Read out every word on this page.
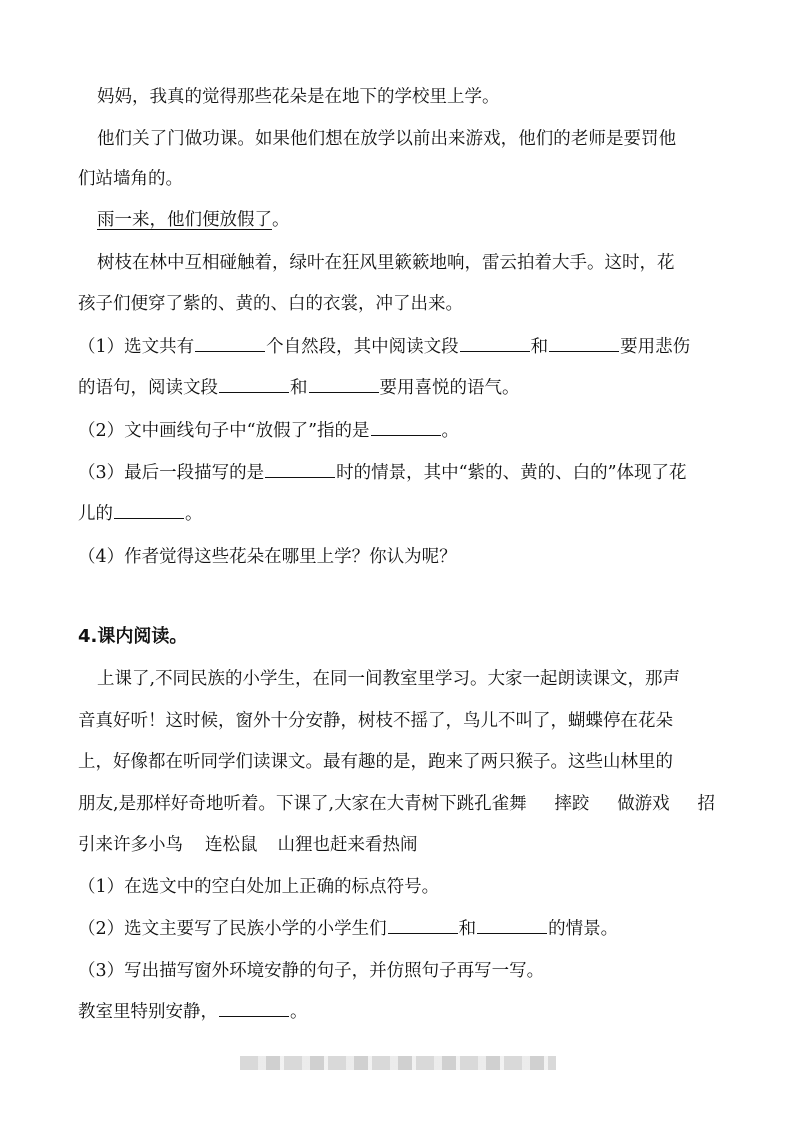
妈妈，我真的觉得那些花朵是在地下的学校里上学。
他们关了门做功课。如果他们想在放学以前出来游戏，他们的老师是要罚他
们站墙角的。
雨一来，他们便放假了。
树枝在林中互相碰触着，绿叶在狂风里簌簌地响，雷云拍着大手。这时，花
孩子们便穿了紫的、黄的、白的衣裳，冲了出来。
（1）选文共有	个自然段，其中阅读文段	和	要用悲伤
的语句，阅读文段	和	要用喜悦的语气。
（2）文中画线句子中“放假了”指的是	。
（3）最后一段描写的是	时的情景，其中“紫的、黄的、白的”体现了花
儿的	。
（4）作者觉得这些花朵在哪里上学？你认为呢？
4.课内阅读。
上课了,不同民族的小学生，在同一间教室里学习。大家一起朗读课文，那声
音真好听！这时候，窗外十分安静，树枝不摇了，鸟儿不叫了，蝴蝶停在花朵
上，好像都在听同学们读课文。最有趣的是，跑来了两只猴子。这些山林里的
朋友,是那样好奇地听着。下课了,大家在大青树下跳孔雀舞 摔跤 做游戏 招
引来许多小鸟 连松鼠 山狸也赶来看热闹
（1）在选文中的空白处加上正确的标点符号。
（2）选文主要写了民族小学的小学生们	和	的情景。
（3）写出描写窗外环境安静的句子，并仿照句子再写一写。
教室里特别安静，	。
